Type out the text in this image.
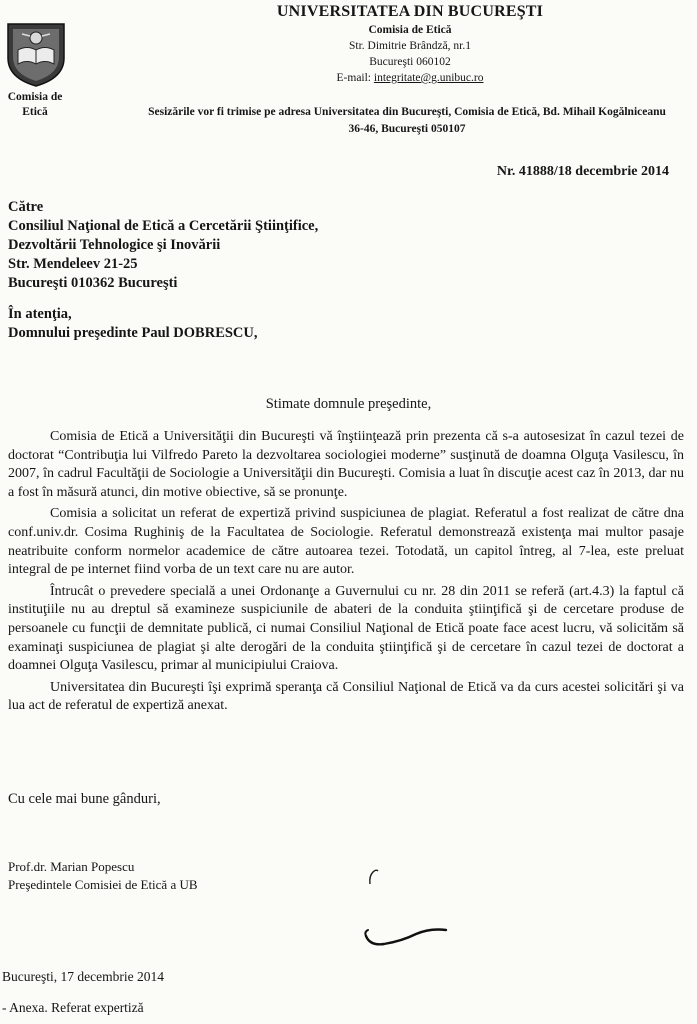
Comisia de
Etică
UNIVERSITATEA DIN BUCUREŞTI
Comisia de Etică
Str. Dimitrie Brândză, nr.1
Bucureşti 060102
E-mail: integritate@g.unibuc.ro
Sesizările vor fi trimise pe adresa Universitatea din Bucureşti, Comisia de Etică, Bd. Mihail Kogălniceanu
36-46, Bucureşti 050107
Nr. 41888/18 decembrie 2014
Către
Consiliul Naţional de Etică a Cercetării Ştiinţifice,
Dezvoltării Tehnologice şi Inovării
Str. Mendeleev 21-25
Bucureşti 010362 Bucureşti
În atenţia,
Domnului preşedinte Paul DOBRESCU,
Stimate domnule preşedinte,

Comisia de Etică a Universităţii din Bucureşti vă înştiinţează prin prezenta că s-a autosesizat în cazul tezei de doctorat “Contribuţia lui Vilfredo Pareto la dezvoltarea sociologiei moderne” susţinută de doamna Olguţa Vasilescu, în 2007, în cadrul Facultăţii de Sociologie a Universităţii din Bucureşti. Comisia a luat în discuţie acest caz în 2013, dar nu a fost în măsură atunci, din motive obiective, să se pronunţe.

Comisia a solicitat un referat de expertiză privind suspiciunea de plagiat. Referatul a fost realizat de către dna conf.univ.dr. Cosima Rughiniş de la Facultatea de Sociologie. Referatul demonstrează existenţa mai multor pasaje neatribuite conform normelor academice de către autoarea tezei. Totodată, un capitol întreg, al 7-lea, este preluat integral de pe internet fiind vorba de un text care nu are autor.

Întrucât o prevedere specială a unei Ordonanţe a Guvernului cu nr. 28 din 2011 se referă (art.4.3) la faptul că instituţiile nu au dreptul să examineze suspiciunile de abateri de la conduita ştiinţifică şi de cercetare produse de persoanele cu funcţii de demnitate publică, ci numai Consiliul Naţional de Etică poate face acest lucru, vă solicităm să examinaţi suspiciunea de plagiat şi alte derogări de la conduita ştiinţifică şi de cercetare în cazul tezei de doctorat a doamnei Olguţa Vasilescu, primar al municipiului Craiova.

Universitatea din Bucureşti îşi exprimă speranţa că Consiliul Naţional de Etică va da curs acestei solicitări şi va lua act de referatul de expertiză anexat.

Cu cele mai bune gânduri,
Prof.dr. Marian Popescu
Preşedintele Comisiei de Etică a UB
Bucureşti, 17 decembrie 2014
- Anexa. Referat expertiză
